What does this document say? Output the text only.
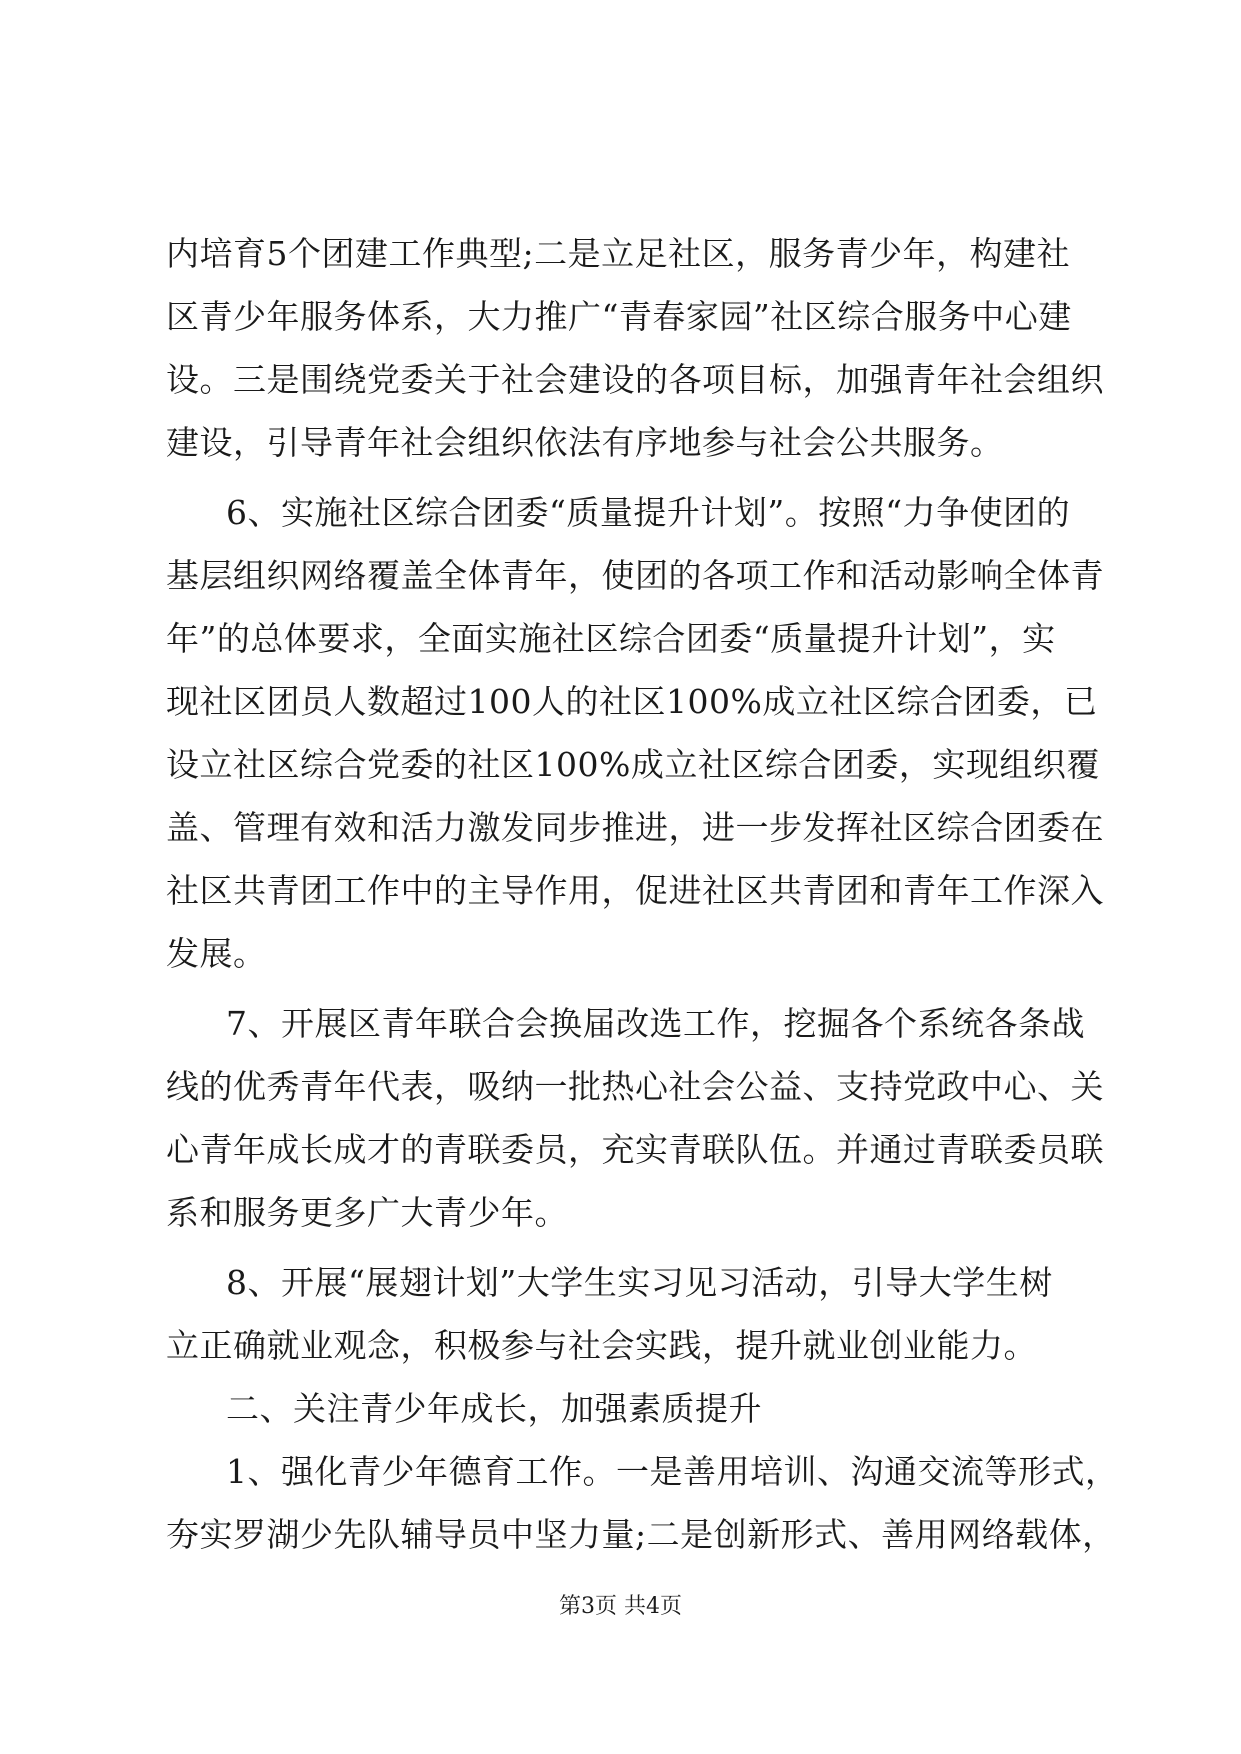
内培育5个团建工作典型;二是立足社区，服务青少年，构建社
区青少年服务体系，大力推广“青春家园”社区综合服务中心建
设。三是围绕党委关于社会建设的各项目标，加强青年社会组织
建设，引导青年社会组织依法有序地参与社会公共服务。
6、实施社区综合团委“质量提升计划”。按照“力争使团的
基层组织网络覆盖全体青年，使团的各项工作和活动影响全体青
年”的总体要求，全面实施社区综合团委“质量提升计划”，实
现社区团员人数超过100人的社区100%成立社区综合团委，已
设立社区综合党委的社区100%成立社区综合团委，实现组织覆
盖、管理有效和活力激发同步推进，进一步发挥社区综合团委在
社区共青团工作中的主导作用，促进社区共青团和青年工作深入
发展。
7、开展区青年联合会换届改选工作，挖掘各个系统各条战
线的优秀青年代表，吸纳一批热心社会公益、支持党政中心、关
心青年成长成才的青联委员，充实青联队伍。并通过青联委员联
系和服务更多广大青少年。
8、开展“展翅计划”大学生实习见习活动，引导大学生树
立正确就业观念，积极参与社会实践，提升就业创业能力。
二、关注青少年成长，加强素质提升
1、强化青少年德育工作。一是善用培训、沟通交流等形式，
夯实罗湖少先队辅导员中坚力量;二是创新形式、善用网络载体，
第3页 共4页
